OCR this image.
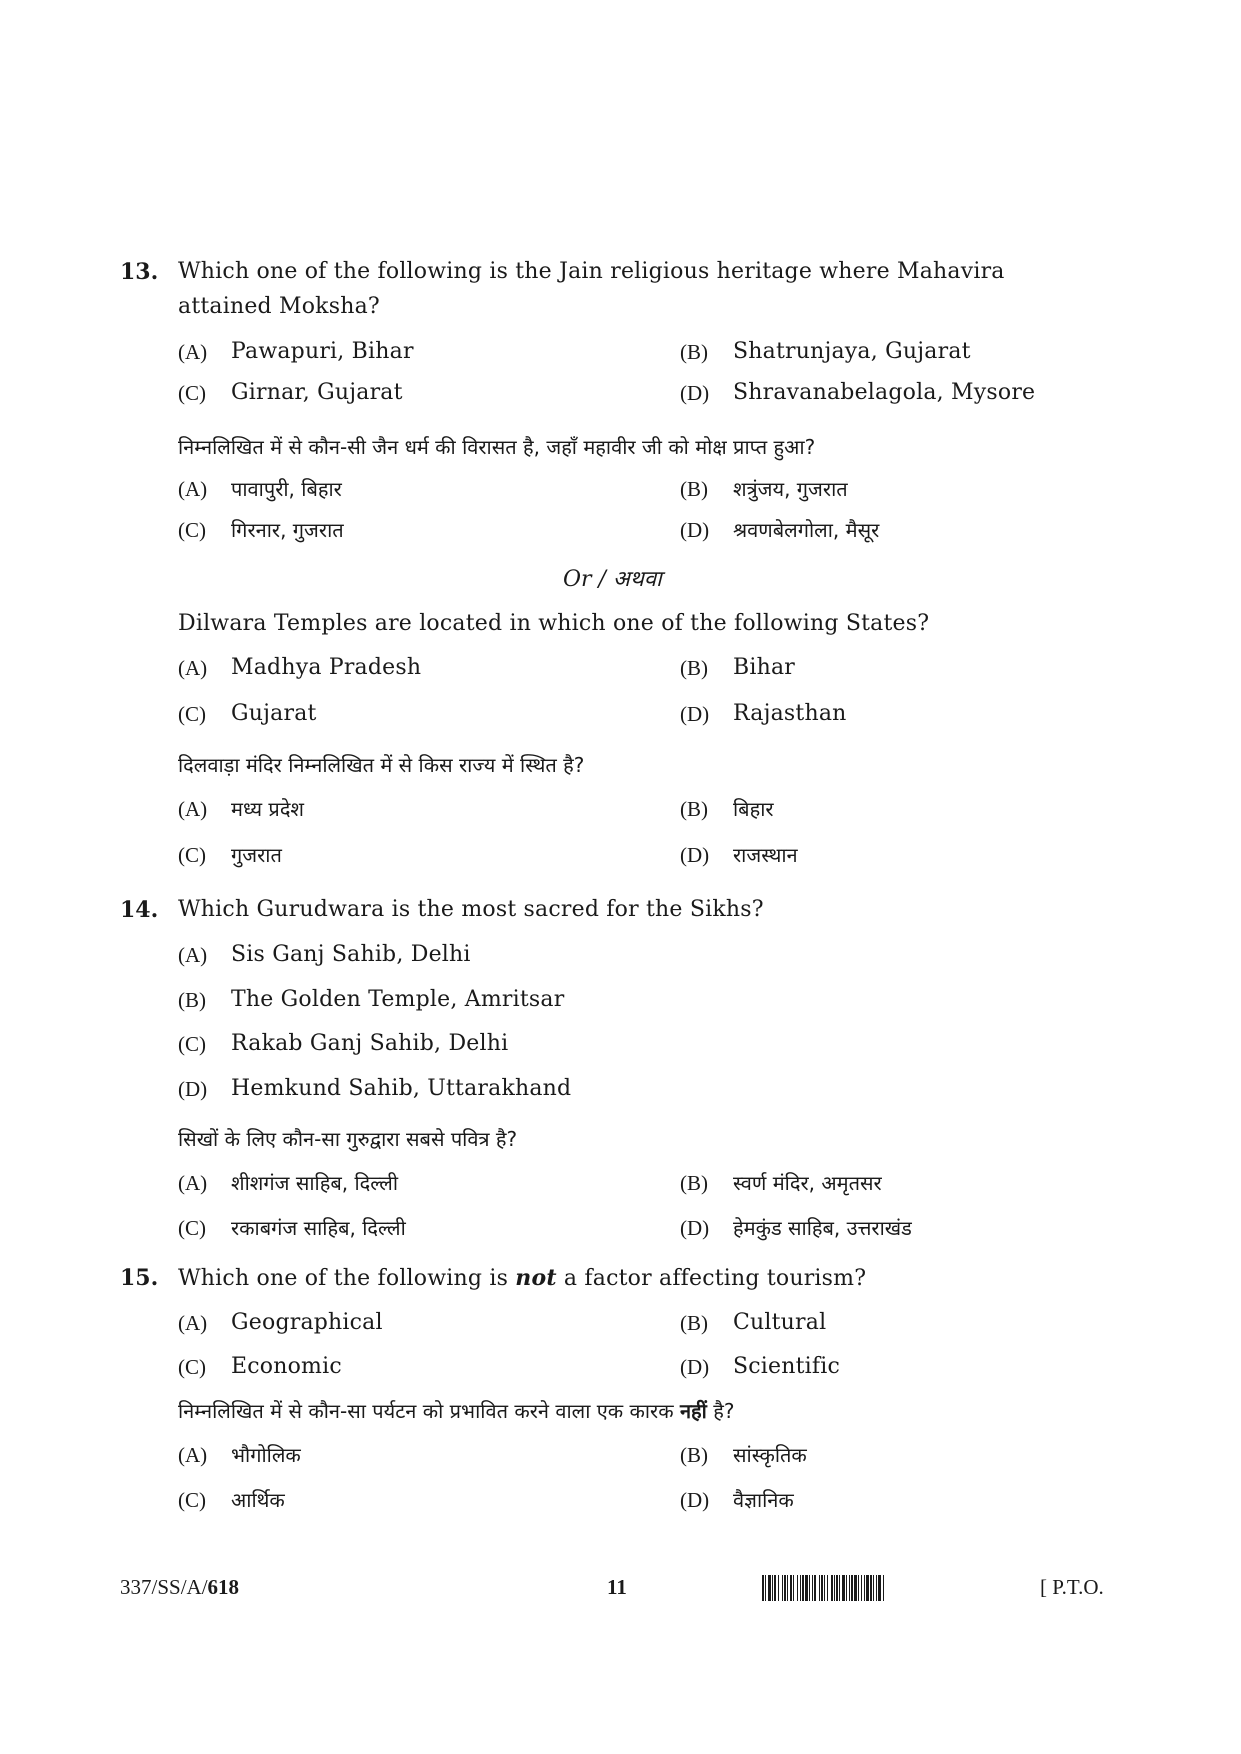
13. Which one of the following is the Jain religious heritage where Mahavira
attained Moksha?
(A) Pawapuri, Bihar	(B) Shatrunjaya, Gujarat
(C) Girnar, Gujarat	(D) Shravanabelagola, Mysore
निम्नलिखित में से कौन-सी जैन धर्म की विरासत है, जहाँ महावीर जी को मोक्ष प्राप्त हुआ?
(A) पावापुरी, बिहार	(B) शत्रुंजय, गुजरात
(C) गिरनार, गुजरात	(D) श्रवणबेलगोला, मैसूर
Or / अथवा
Dilwara Temples are located in which one of the following States?
(A) Madhya Pradesh	(B) Bihar
(C) Gujarat	(D) Rajasthan
दिलवाड़ा मंदिर निम्नलिखित में से किस राज्य में स्थित है?
(A) मध्य प्रदेश	(B) बिहार
(C) गुजरात	(D) राजस्थान
14. Which Gurudwara is the most sacred for the Sikhs?
(A) Sis Ganj Sahib, Delhi
(B) The Golden Temple, Amritsar
(C) Rakab Ganj Sahib, Delhi
(D) Hemkund Sahib, Uttarakhand
सिखों के लिए कौन-सा गुरुद्वारा सबसे पवित्र है?
(A) शीशगंज साहिब, दिल्ली	(B) स्वर्ण मंदिर, अमृतसर
(C) रकाबगंज साहिब, दिल्ली	(D) हेमकुंड साहिब, उत्तराखंड
15. Which one of the following is not a factor affecting tourism?
(A) Geographical	(B) Cultural
(C) Economic	(D) Scientific
निम्नलिखित में से कौन-सा पर्यटन को प्रभावित करने वाला एक कारक नहीं है?
(A) भौगोलिक	(B) सांस्कृतिक
(C) आर्थिक	(D) वैज्ञानिक
337/SS/A/618	11	[ P.T.O.
